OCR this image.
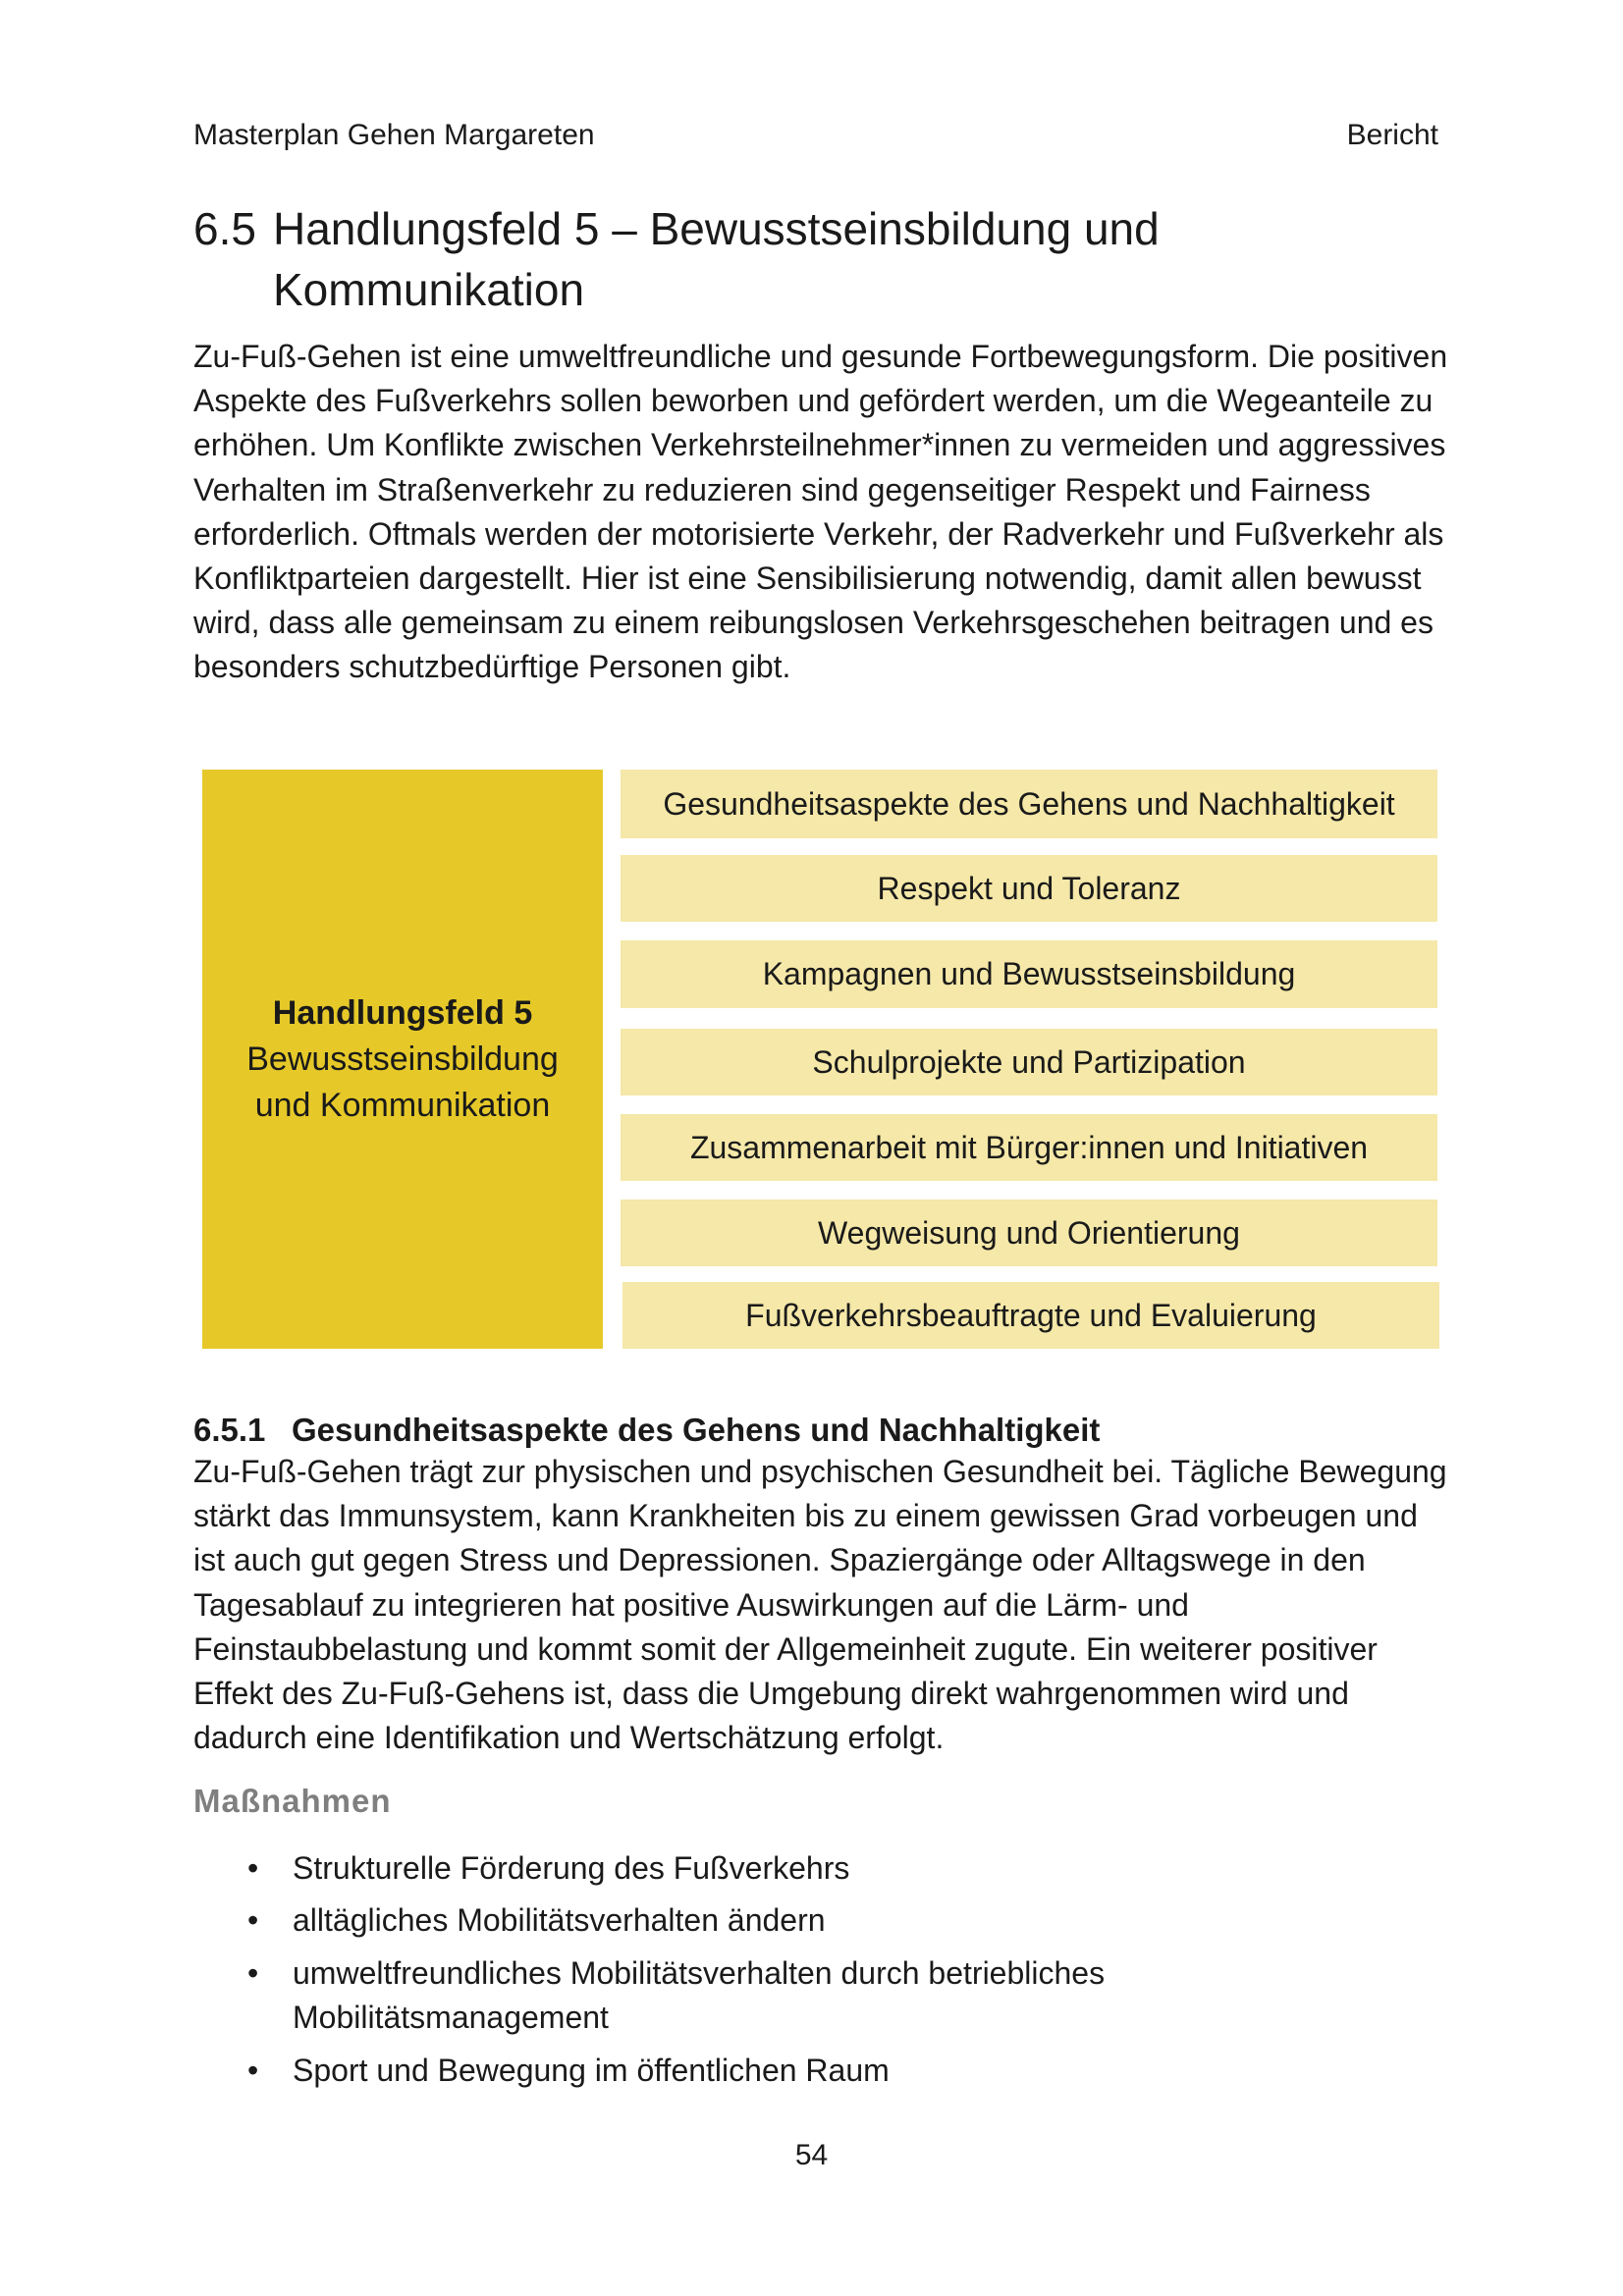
Masterplan Gehen Margareten	Bericht
6.5 Handlungsfeld 5 – Bewusstseinsbildung und
Kommunikation
Zu-Fuß-Gehen ist eine umweltfreundliche und gesunde Fortbewegungsform. Die positiven Aspekte des Fußverkehrs sollen beworben und gefördert werden, um die Wegeanteile zu erhöhen. Um Konflikte zwischen Verkehrsteilnehmer*innen zu vermeiden und aggressives Verhalten im Straßenverkehr zu reduzieren sind gegenseitiger Respekt und Fairness erforderlich. Oftmals werden der motorisierte Verkehr, der Radverkehr und Fußverkehr als Konfliktparteien dargestellt. Hier ist eine Sensibilisierung notwendig, damit allen bewusst wird, dass alle gemeinsam zu einem reibungslosen Verkehrsgeschehen beitragen und es besonders schutzbedürftige Personen gibt.
Handlungsfeld 5
Bewusstseinsbildung
und Kommunikation
Gesundheitsaspekte des Gehens und Nachhaltigkeit
Respekt und Toleranz
Kampagnen und Bewusstseinsbildung
Schulprojekte und Partizipation
Zusammenarbeit mit Bürger:innen und Initiativen
Wegweisung und Orientierung
Fußverkehrsbeauftragte und Evaluierung
6.5.1 Gesundheitsaspekte des Gehens und Nachhaltigkeit
Zu-Fuß-Gehen trägt zur physischen und psychischen Gesundheit bei. Tägliche Bewegung stärkt das Immunsystem, kann Krankheiten bis zu einem gewissen Grad vorbeugen und ist auch gut gegen Stress und Depressionen. Spaziergänge oder Alltagswege in den Tagesablauf zu integrieren hat positive Auswirkungen auf die Lärm- und Feinstaubbelastung und kommt somit der Allgemeinheit zugute. Ein weiterer positiver Effekt des Zu-Fuß-Gehens ist, dass die Umgebung direkt wahrgenommen wird und dadurch eine Identifikation und Wertschätzung erfolgt.
Maßnahmen
• Strukturelle Förderung des Fußverkehrs
• alltägliches Mobilitätsverhalten ändern
• umweltfreundliches Mobilitätsverhalten durch betriebliches Mobilitätsmanagement
• Sport und Bewegung im öffentlichen Raum
54
